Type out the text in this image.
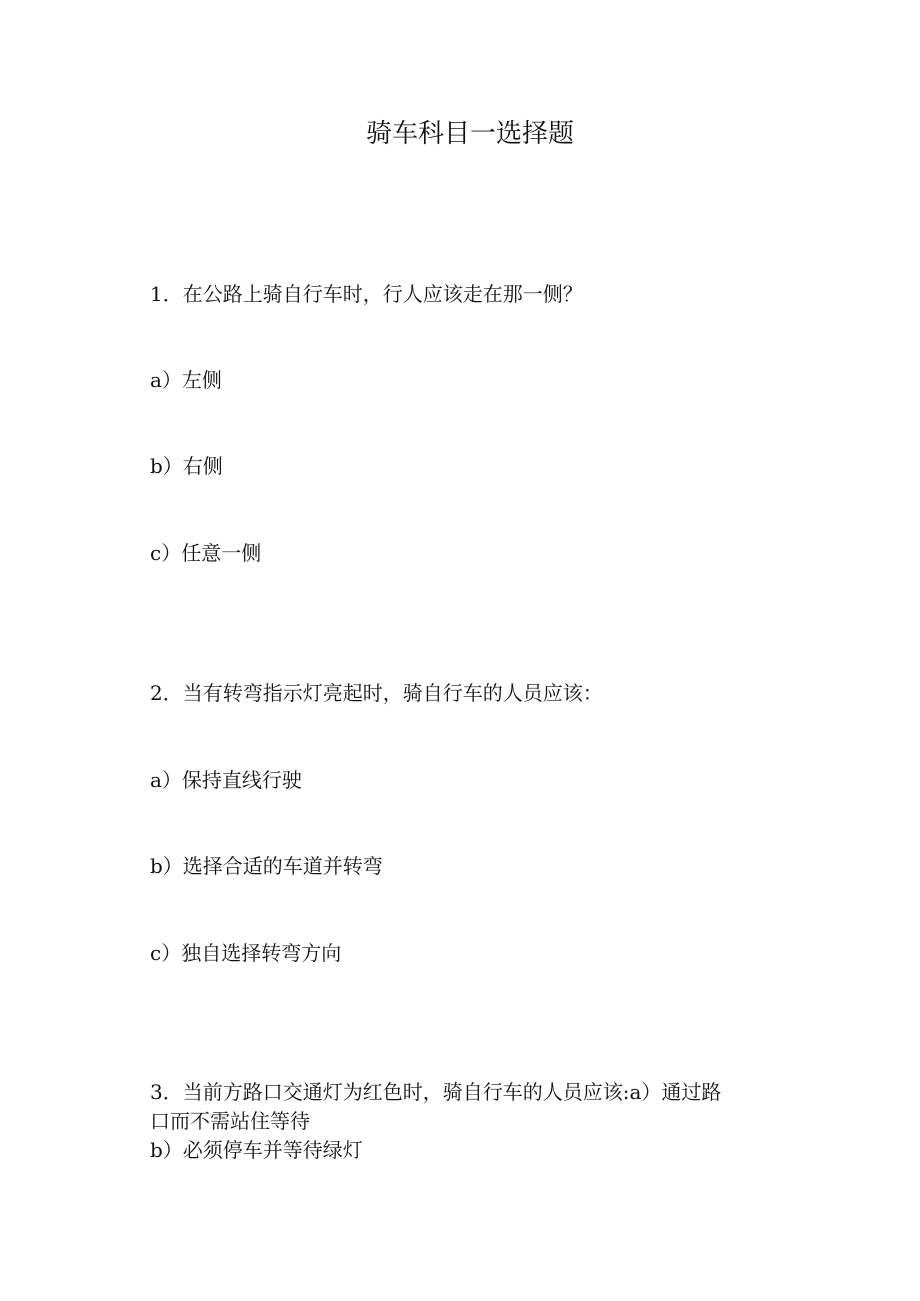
骑车科目一选择题
1．在公路上骑自行车时，行人应该走在那一侧？
a）左侧
b）右侧
c）任意一侧
2．当有转弯指示灯亮起时，骑自行车的人员应该：
a）保持直线行驶
b）选择合适的车道并转弯
c）独自选择转弯方向
3．当前方路口交通灯为红色时，骑自行车的人员应该:a）通过路
口而不需站住等待
b）必须停车并等待绿灯
